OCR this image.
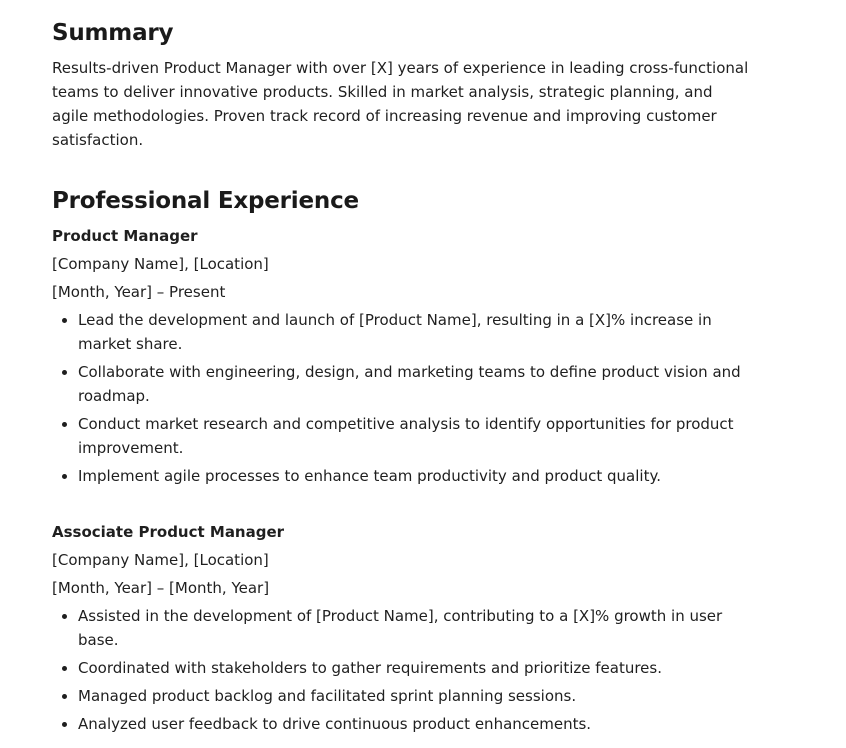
Summary

Results-driven Product Manager with over [X] years of experience in leading cross-functional teams to deliver innovative products. Skilled in market analysis, strategic planning, and agile methodologies. Proven track record of increasing revenue and improving customer satisfaction.

Professional Experience

Product Manager

[Company Name], [Location]

[Month, Year] – Present

• Lead the development and launch of [Product Name], resulting in a [X]% increase in market share.
• Collaborate with engineering, design, and marketing teams to define product vision and roadmap.
• Conduct market research and competitive analysis to identify opportunities for product improvement.
• Implement agile processes to enhance team productivity and product quality.

Associate Product Manager

[Company Name], [Location]

[Month, Year] – [Month, Year]

• Assisted in the development of [Product Name], contributing to a [X]% growth in user base.
• Coordinated with stakeholders to gather requirements and prioritize features.
• Managed product backlog and facilitated sprint planning sessions.
• Analyzed user feedback to drive continuous product enhancements.
